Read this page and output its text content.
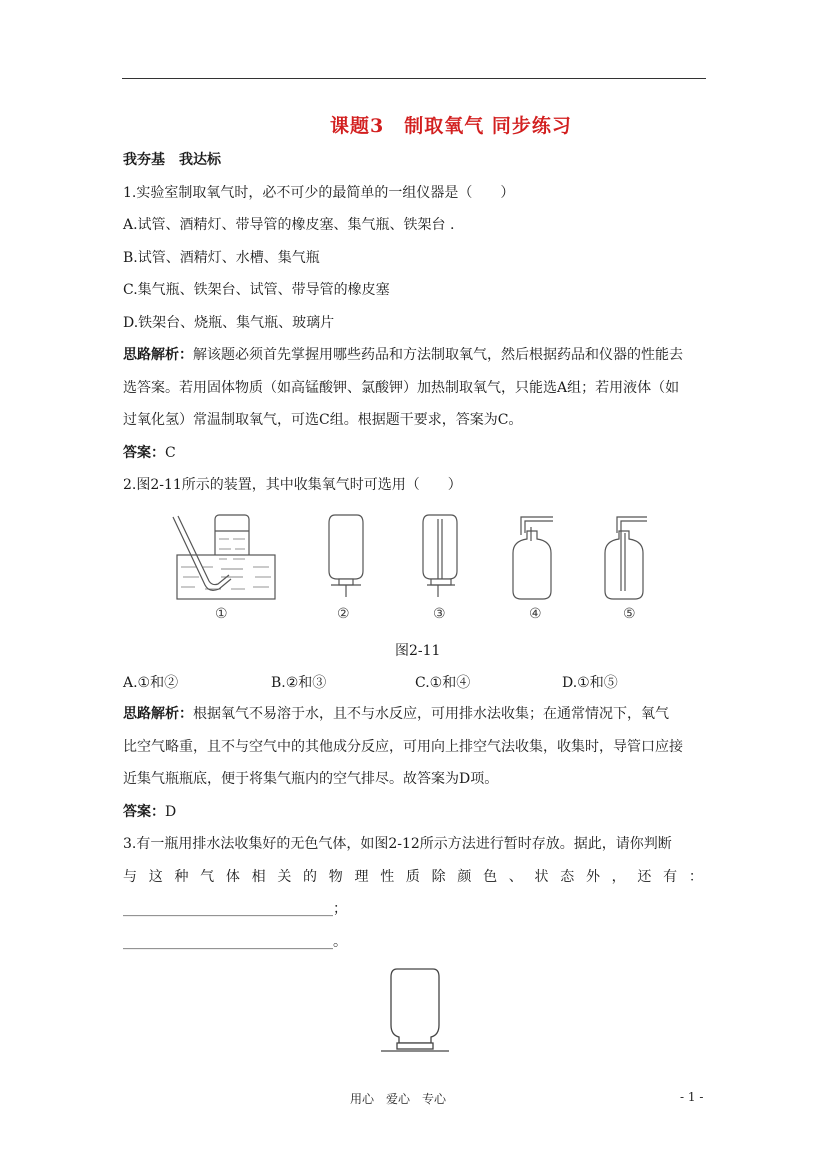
课题3　制取氧气 同步练习
我夯基　我达标
1.实验室制取氧气时，必不可少的最简单的一组仪器是（　　）
A.试管、酒精灯、带导管的橡皮塞、集气瓶、铁架台 .
B.试管、酒精灯、水槽、集气瓶
C.集气瓶、铁架台、试管、带导管的橡皮塞
D.铁架台、烧瓶、集气瓶、玻璃片
思路解析：解该题必须首先掌握用哪些药品和方法制取氧气，然后根据药品和仪器的性能去
选答案。若用固体物质（如高锰酸钾、氯酸钾）加热制取氧气，只能选A组；若用液体（如
过氧化氢）常温制取氧气，可选C组。根据题干要求，答案为C。
答案：C
2.图2-11所示的装置，其中收集氧气时可选用（　　）
①	②	③	④	⑤
图2-11
A.①和②	B.②和③	C.①和④	D.①和⑤
思路解析：根据氧气不易溶于水，且不与水反应，可用排水法收集；在通常情况下，氧气
比空气略重，且不与空气中的其他成分反应，可用向上排空气法收集，收集时，导管口应接
近集气瓶瓶底，便于将集气瓶内的空气排尽。故答案为D项。
答案：D
3.有一瓶用排水法收集好的无色气体，如图2-12所示方法进行暂时存放。据此，请你判断
与 这 种 气 体 相 关 的 物 理 性 质 除 颜 色 、 状 态 外 ， 还 有 ：
______________________________；
______________________________。
用心　爱心　专心	- 1 -
